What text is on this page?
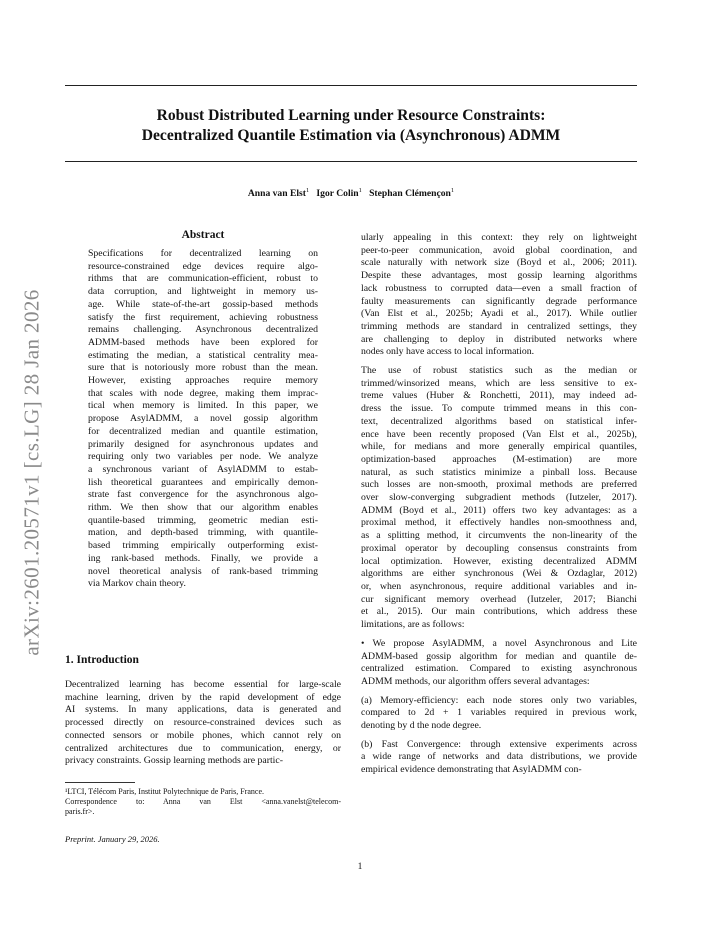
arXiv:2601.20571v1 [cs.LG] 28 Jan 2026
Robust Distributed Learning under Resource Constraints:
Decentralized Quantile Estimation via (Asynchronous) ADMM
Anna van Elst$^1$ Igor Colin$^1$ Stephan Clémençon$^1$
Abstract

Specifications for decentralized learning on

resource-constrained edge devices require algo-

rithms that are communication-efficient, robust to

data corruption, and lightweight in memory us-

age. While state-of-the-art gossip-based methods

satisfy the first requirement, achieving robustness

remains challenging. Asynchronous decentralized

ADMM-based methods have been explored for

estimating the median, a statistical centrality mea-

sure that is notoriously more robust than the mean.

However, existing approaches require memory

that scales with node degree, making them imprac-

tical when memory is limited. In this paper, we

propose AsylADMM, a novel gossip algorithm

for decentralized median and quantile estimation,

primarily designed for asynchronous updates and

requiring only two variables per node. We analyze

a synchronous variant of AsylADMM to estab-

lish theoretical guarantees and empirically demon-

strate fast convergence for the asynchronous algo-

rithm. We then show that our algorithm enables

quantile-based trimming, geometric median esti-

mation, and depth-based trimming, with quantile-

based trimming empirically outperforming exist-

ing rank-based methods. Finally, we provide a

novel theoretical analysis of rank-based trimming

via Markov chain theory.

1. Introduction

Decentralized learning has become essential for large-scale

machine learning, driven by the rapid development of edge

AI systems. In many applications, data is generated and

processed directly on resource-constrained devices such as

connected sensors or mobile phones, which cannot rely on

centralized architectures due to communication, energy, or

privacy constraints. Gossip learning methods are partic-

¹LTCI, Télécom Paris, Institut Polytechnique de Paris, France.

Correspondence to: Anna van Elst <anna.vanelst@telecom-

paris.fr>.

Preprint. January 29, 2026.

ularly appealing in this context: they rely on lightweight

peer-to-peer communication, avoid global coordination, and

scale naturally with network size (Boyd et al., 2006; 2011).

Despite these advantages, most gossip learning algorithms

lack robustness to corrupted data—even a small fraction of

faulty measurements can significantly degrade performance

(Van Elst et al., 2025b; Ayadi et al., 2017). While outlier

trimming methods are standard in centralized settings, they

are challenging to deploy in distributed networks where

nodes only have access to local information.

The use of robust statistics such as the median or

trimmed/winsorized means, which are less sensitive to ex-

treme values (Huber & Ronchetti, 2011), may indeed ad-

dress the issue. To compute trimmed means in this con-

text, decentralized algorithms based on statistical infer-

ence have been recently proposed (Van Elst et al., 2025b),

while, for medians and more generally empirical quantiles,

optimization-based approaches (M-estimation) are more

natural, as such statistics minimize a pinball loss. Because

such losses are non-smooth, proximal methods are preferred

over slow-converging subgradient methods (Iutzeler, 2017).

ADMM (Boyd et al., 2011) offers two key advantages: as a

proximal method, it effectively handles non-smoothness and,

as a splitting method, it circumvents the non-linearity of the

proximal operator by decoupling consensus constraints from

local optimization. However, existing decentralized ADMM

algorithms are either synchronous (Wei & Ozdaglar, 2012)

or, when asynchronous, require additional variables and in-

cur significant memory overhead (Iutzeler, 2017; Bianchi

et al., 2015). Our main contributions, which address these

limitations, are as follows:

• We propose AsylADMM, a novel Asynchronous and Lite

ADMM-based gossip algorithm for median and quantile de-

centralized estimation. Compared to existing asynchronous

ADMM methods, our algorithm offers several advantages:

(a) Memory-efficiency: each node stores only two variables,

compared to 2d + 1 variables required in previous work,

denoting by d the node degree.

(b) Fast Convergence: through extensive experiments across

a wide range of networks and data distributions, we provide

empirical evidence demonstrating that AsylADMM con-

1
